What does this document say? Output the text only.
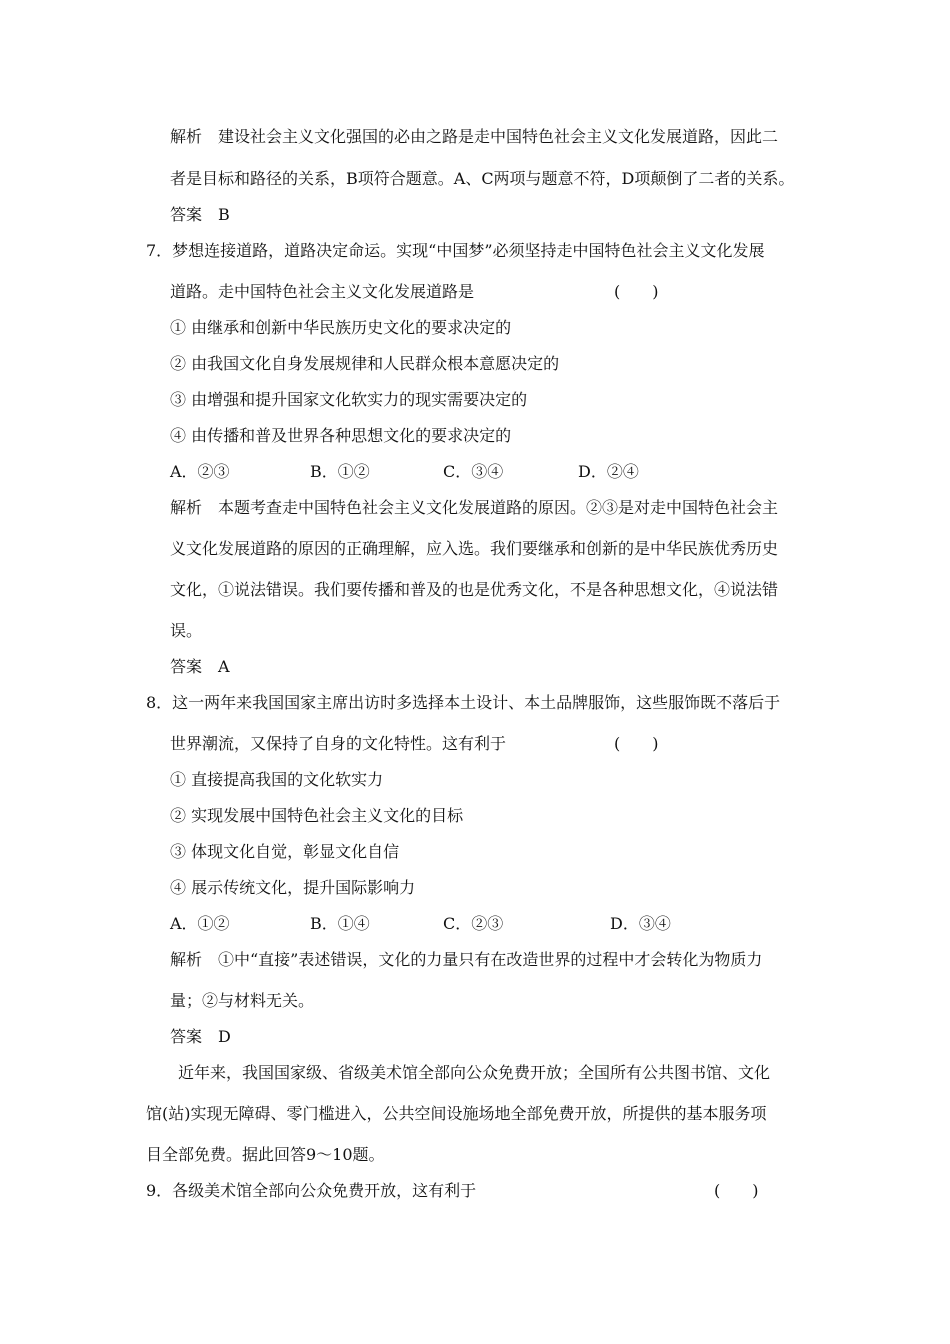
解析　建设社会主义文化强国的必由之路是走中国特色社会主义文化发展道路，因此二
者是目标和路径的关系，B项符合题意。A、C两项与题意不符，D项颠倒了二者的关系。
答案　B
7．梦想连接道路，道路决定命运。实现“中国梦”必须坚持走中国特色社会主义文化发展
道路。走中国特色社会主义文化发展道路是	(　　)
① 由继承和创新中华民族历史文化的要求决定的
② 由我国文化自身发展规律和人民群众根本意愿决定的
③ 由增强和提升国家文化软实力的现实需要决定的
④ 由传播和普及世界各种思想文化的要求决定的
A．②③	B．①②	C．③④	D．②④
解析　本题考查走中国特色社会主义文化发展道路的原因。②③是对走中国特色社会主
义文化发展道路的原因的正确理解，应入选。我们要继承和创新的是中华民族优秀历史
文化，①说法错误。我们要传播和普及的也是优秀文化，不是各种思想文化，④说法错
误。
答案　A
8．这一两年来我国国家主席出访时多选择本土设计、本土品牌服饰，这些服饰既不落后于
世界潮流，又保持了自身的文化特性。这有利于	(　　)
① 直接提高我国的文化软实力
② 实现发展中国特色社会主义文化的目标
③ 体现文化自觉，彰显文化自信
④ 展示传统文化，提升国际影响力
A．①②	B．①④	C．②③	D．③④
解析　①中“直接”表述错误，文化的力量只有在改造世界的过程中才会转化为物质力
量；②与材料无关。
答案　D
近年来，我国国家级、省级美术馆全部向公众免费开放；全国所有公共图书馆、文化
馆(站)实现无障碍、零门槛进入，公共空间设施场地全部免费开放，所提供的基本服务项
目全部免费。据此回答9～10题。
9．各级美术馆全部向公众免费开放，这有利于	(　　)
